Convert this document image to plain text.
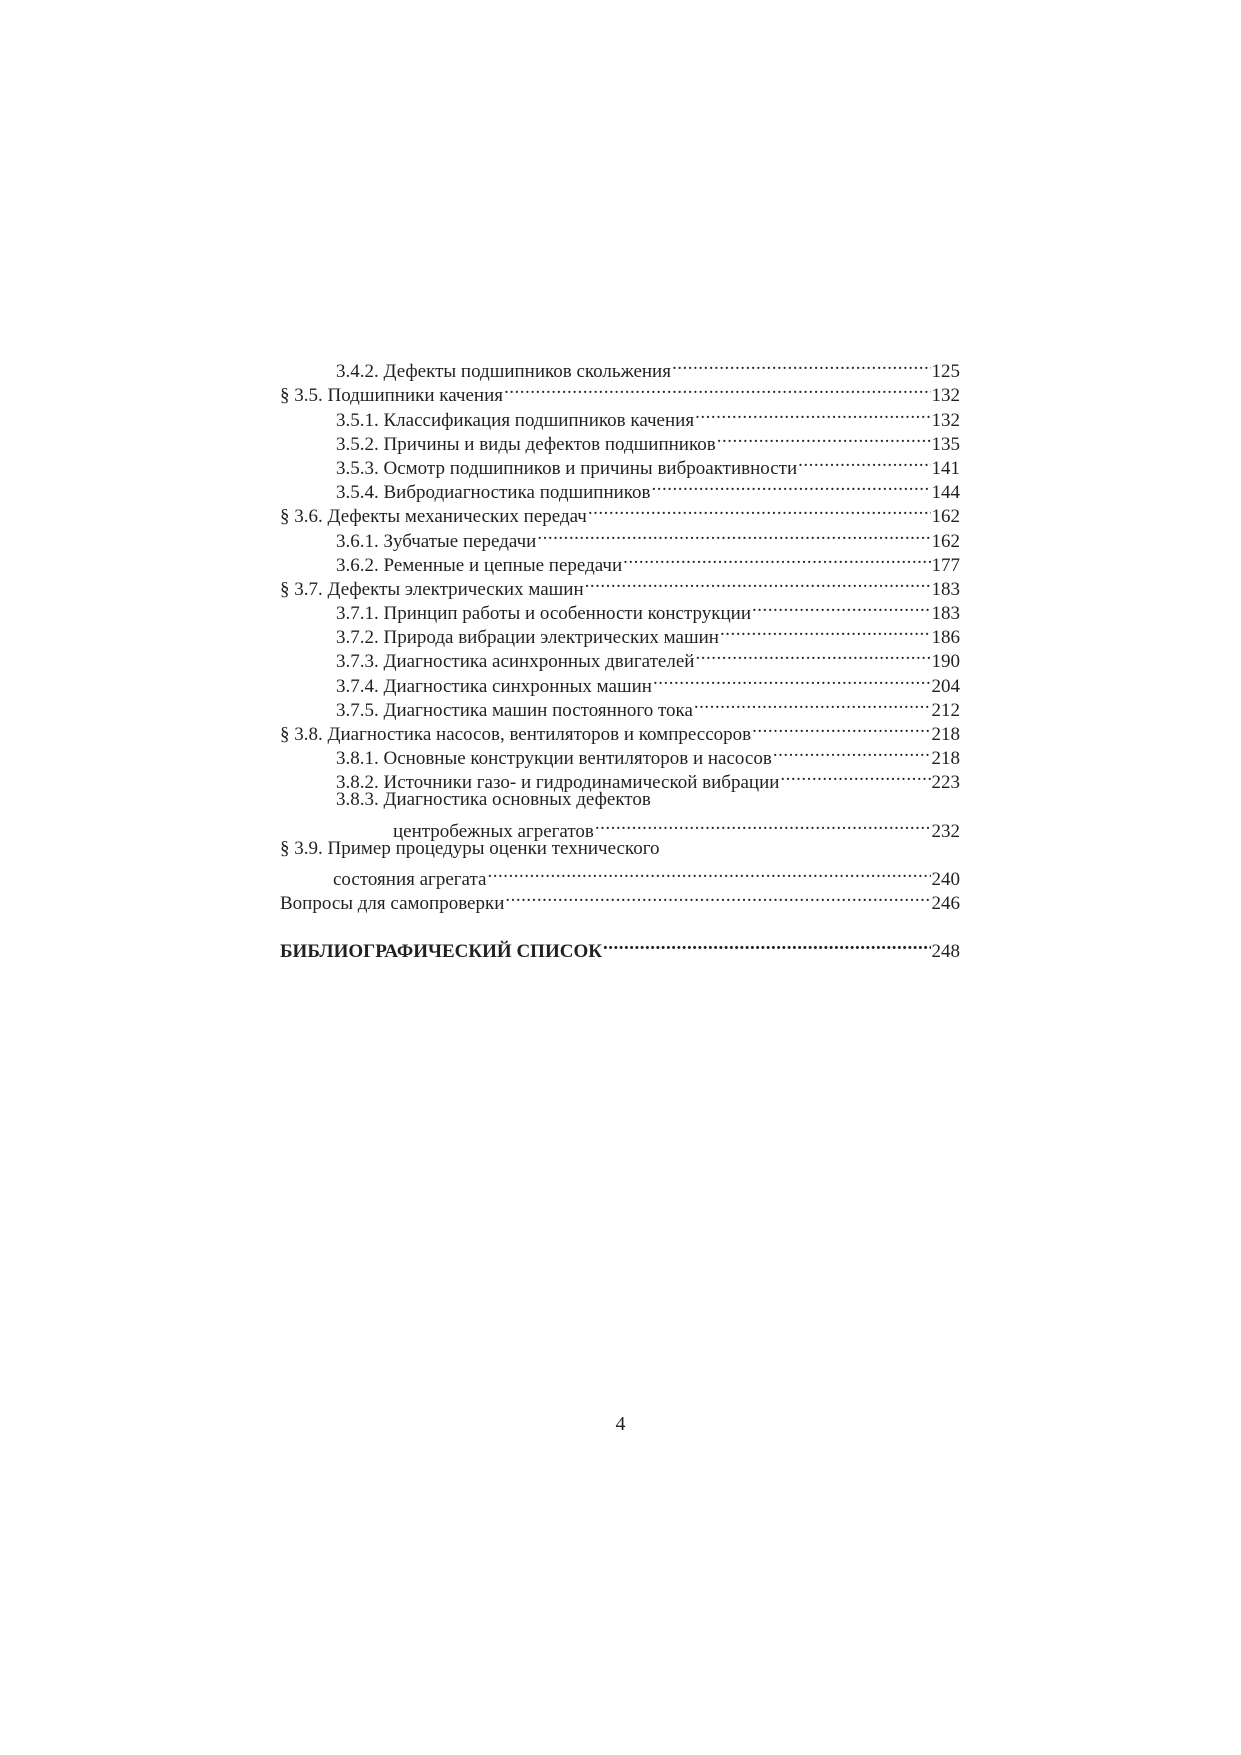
3.4.2. Дефекты подшипников скольжения .....	125
§ 3.5. Подшипники качения .....	132
3.5.1. Классификация подшипников качения .....	132
3.5.2. Причины и виды дефектов подшипников .....	135
3.5.3. Осмотр подшипников и причины виброактивности .....	141
3.5.4. Вибродиагностика подшипников .....	144
§ 3.6. Дефекты механических передач .....	162
3.6.1. Зубчатые передачи .....	162
3.6.2. Ременные и цепные передачи .....	177
§ 3.7. Дефекты электрических машин .....	183
3.7.1. Принцип работы и особенности конструкции .....	183
3.7.2. Природа вибрации электрических машин .....	186
3.7.3. Диагностика асинхронных двигателей .....	190
3.7.4. Диагностика синхронных машин .....	204
3.7.5. Диагностика машин постоянного тока .....	212
§ 3.8. Диагностика насосов, вентиляторов и компрессоров .....	218
3.8.1. Основные конструкции вентиляторов и насосов .....	218
3.8.2. Источники газо- и гидродинамической вибрации .....	223
3.8.3. Диагностика основных дефектов
центробежных агрегатов .....	232
§ 3.9. Пример процедуры оценки технического
состояния агрегата .....	240
Вопросы для самопроверки .....	246
БИБЛИОГРАФИЧЕСКИЙ СПИСОК .....	248
4
